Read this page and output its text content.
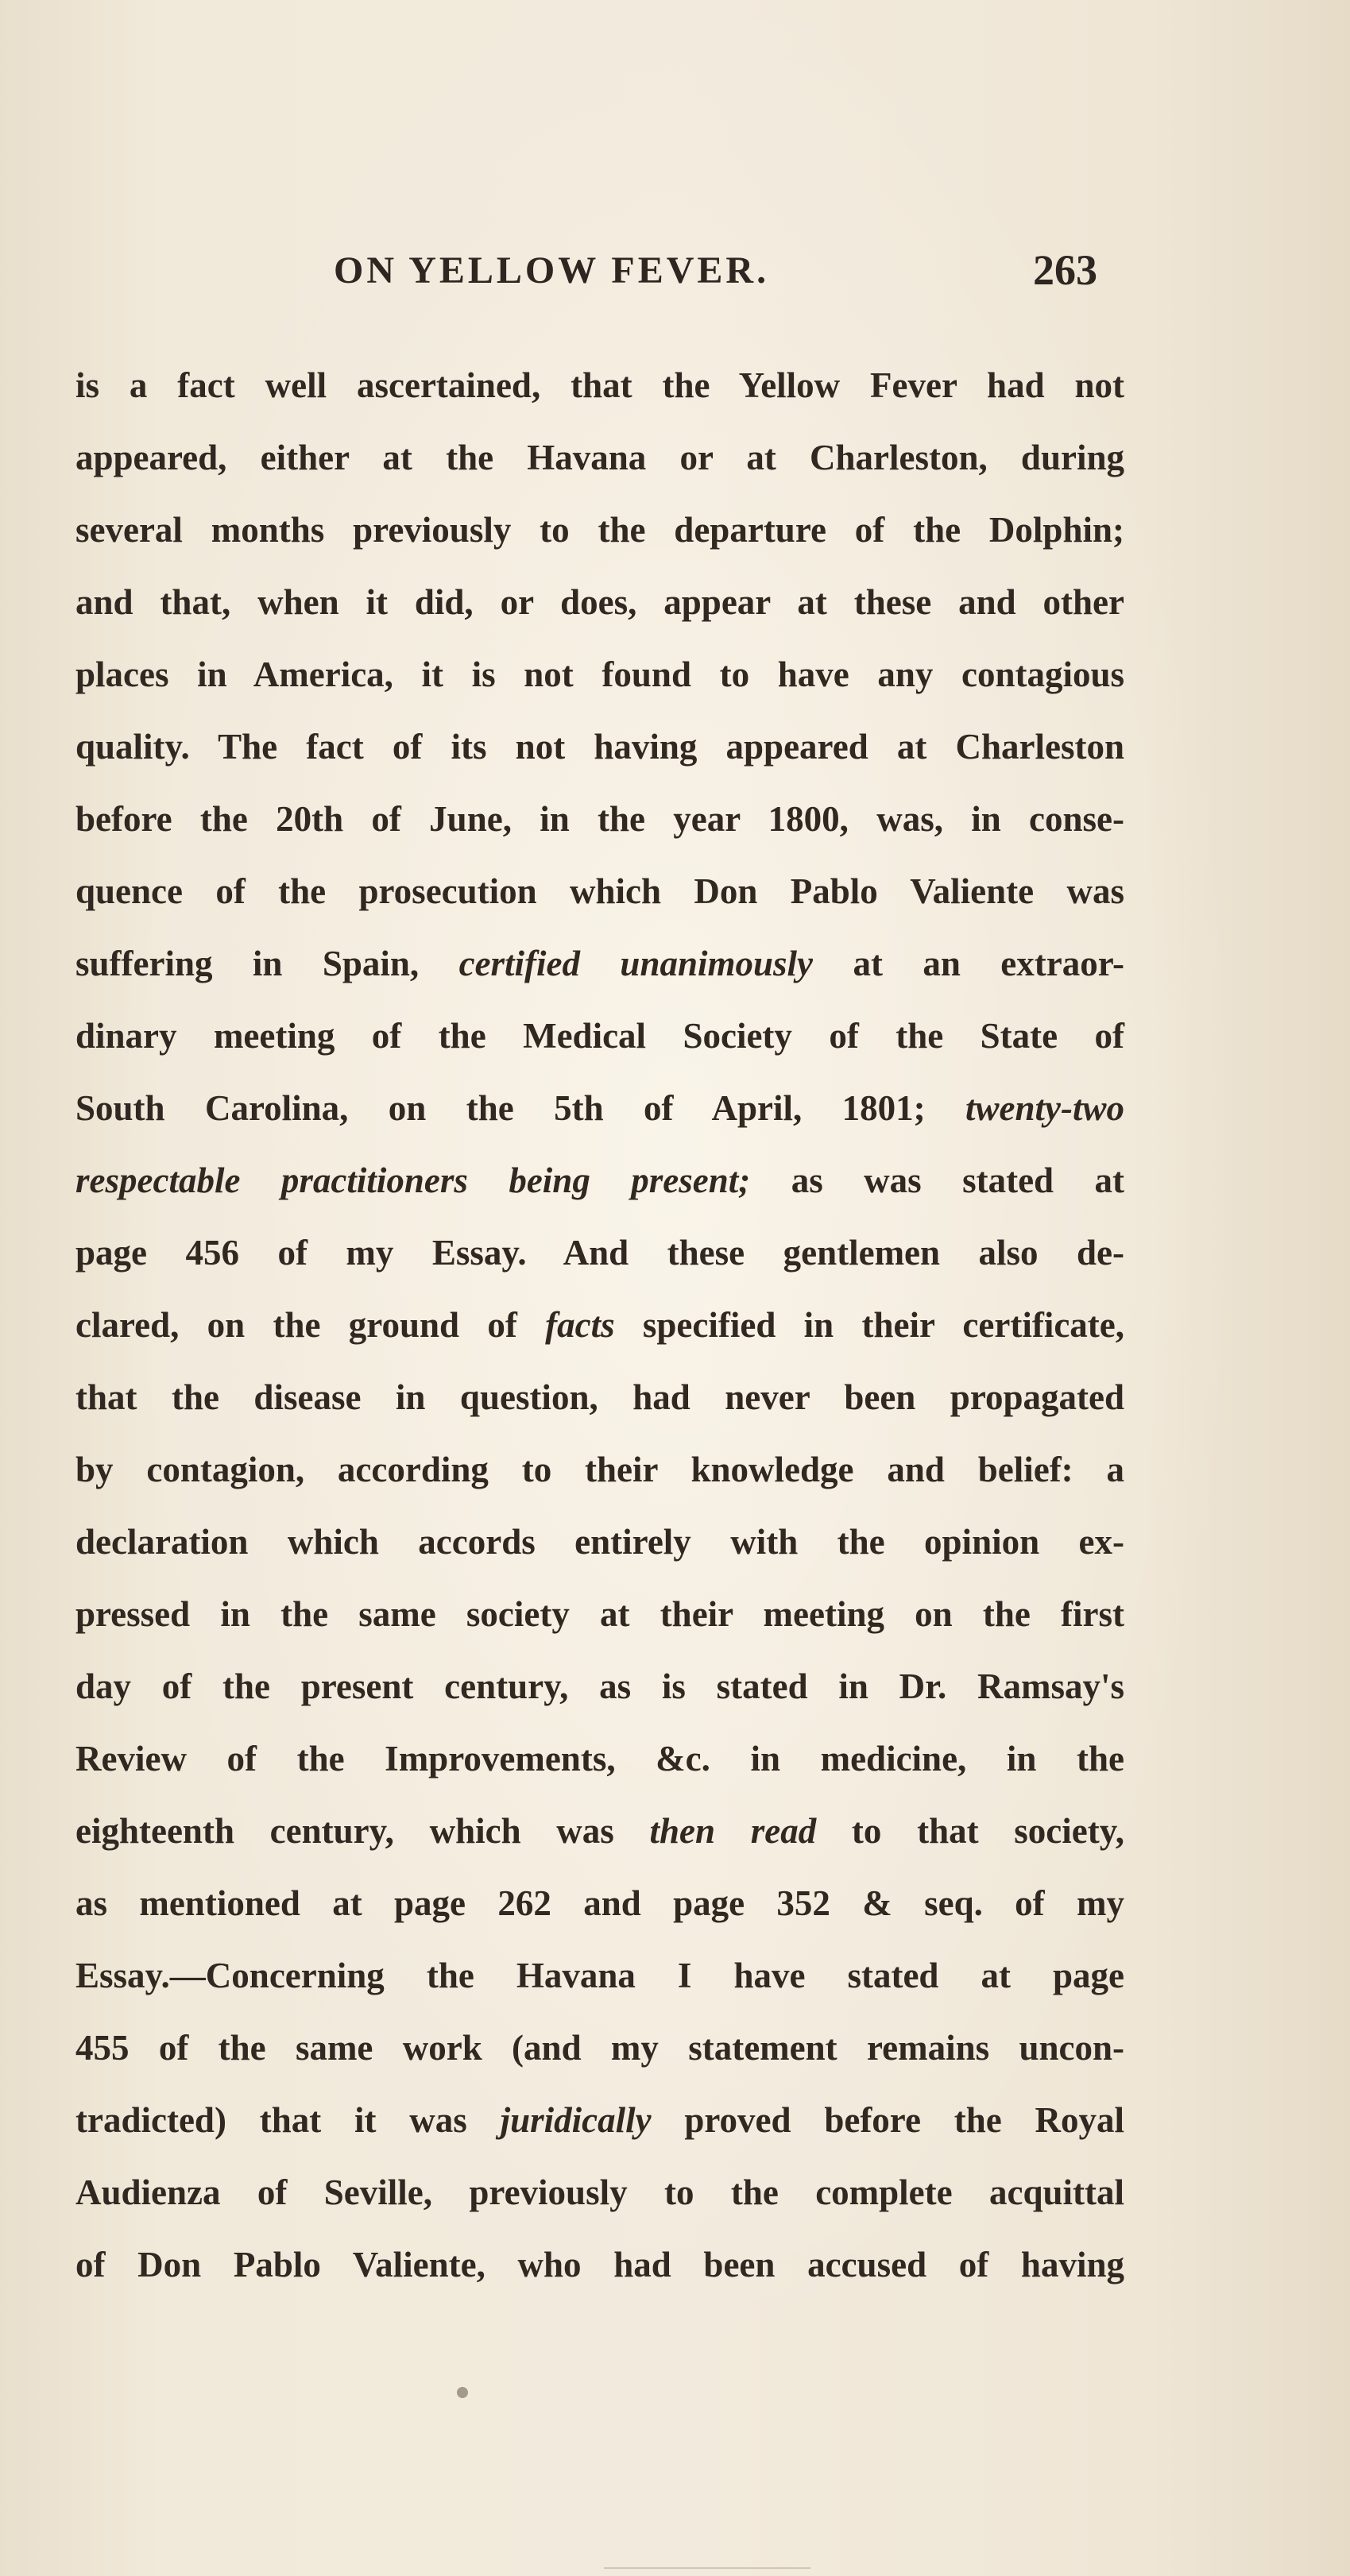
ON YELLOW FEVER.	263
is a fact well ascertained, that the Yellow Fever had not
appeared, either at the Havana or at Charleston, during
several months previously to the departure of the Dolphin;
and that, when it did, or does, appear at these and other
places in America, it is not found to have any contagious
quality. The fact of its not having appeared at Charleston
before the 20th of June, in the year 1800, was, in conse-
quence of the prosecution which Don Pablo Valiente was
suffering in Spain, certified unanimously at an extraor-
dinary meeting of the Medical Society of the State of
South Carolina, on the 5th of April, 1801; twenty-two
respectable practitioners being present; as was stated at
page 456 of my Essay. And these gentlemen also de-
clared, on the ground of facts specified in their certificate,
that the disease in question, had never been propagated
by contagion, according to their knowledge and belief: a
declaration which accords entirely with the opinion ex-
pressed in the same society at their meeting on the first
day of the present century, as is stated in Dr. Ramsay's
Review of the Improvements, &c. in medicine, in the
eighteenth century, which was then read to that society,
as mentioned at page 262 and page 352 & seq. of my
Essay.—Concerning the Havana I have stated at page
455 of the same work (and my statement remains uncon-
tradicted) that it was juridically proved before the Royal
Audienza of Seville, previously to the complete acquittal
of Don Pablo Valiente, who had been accused of having
